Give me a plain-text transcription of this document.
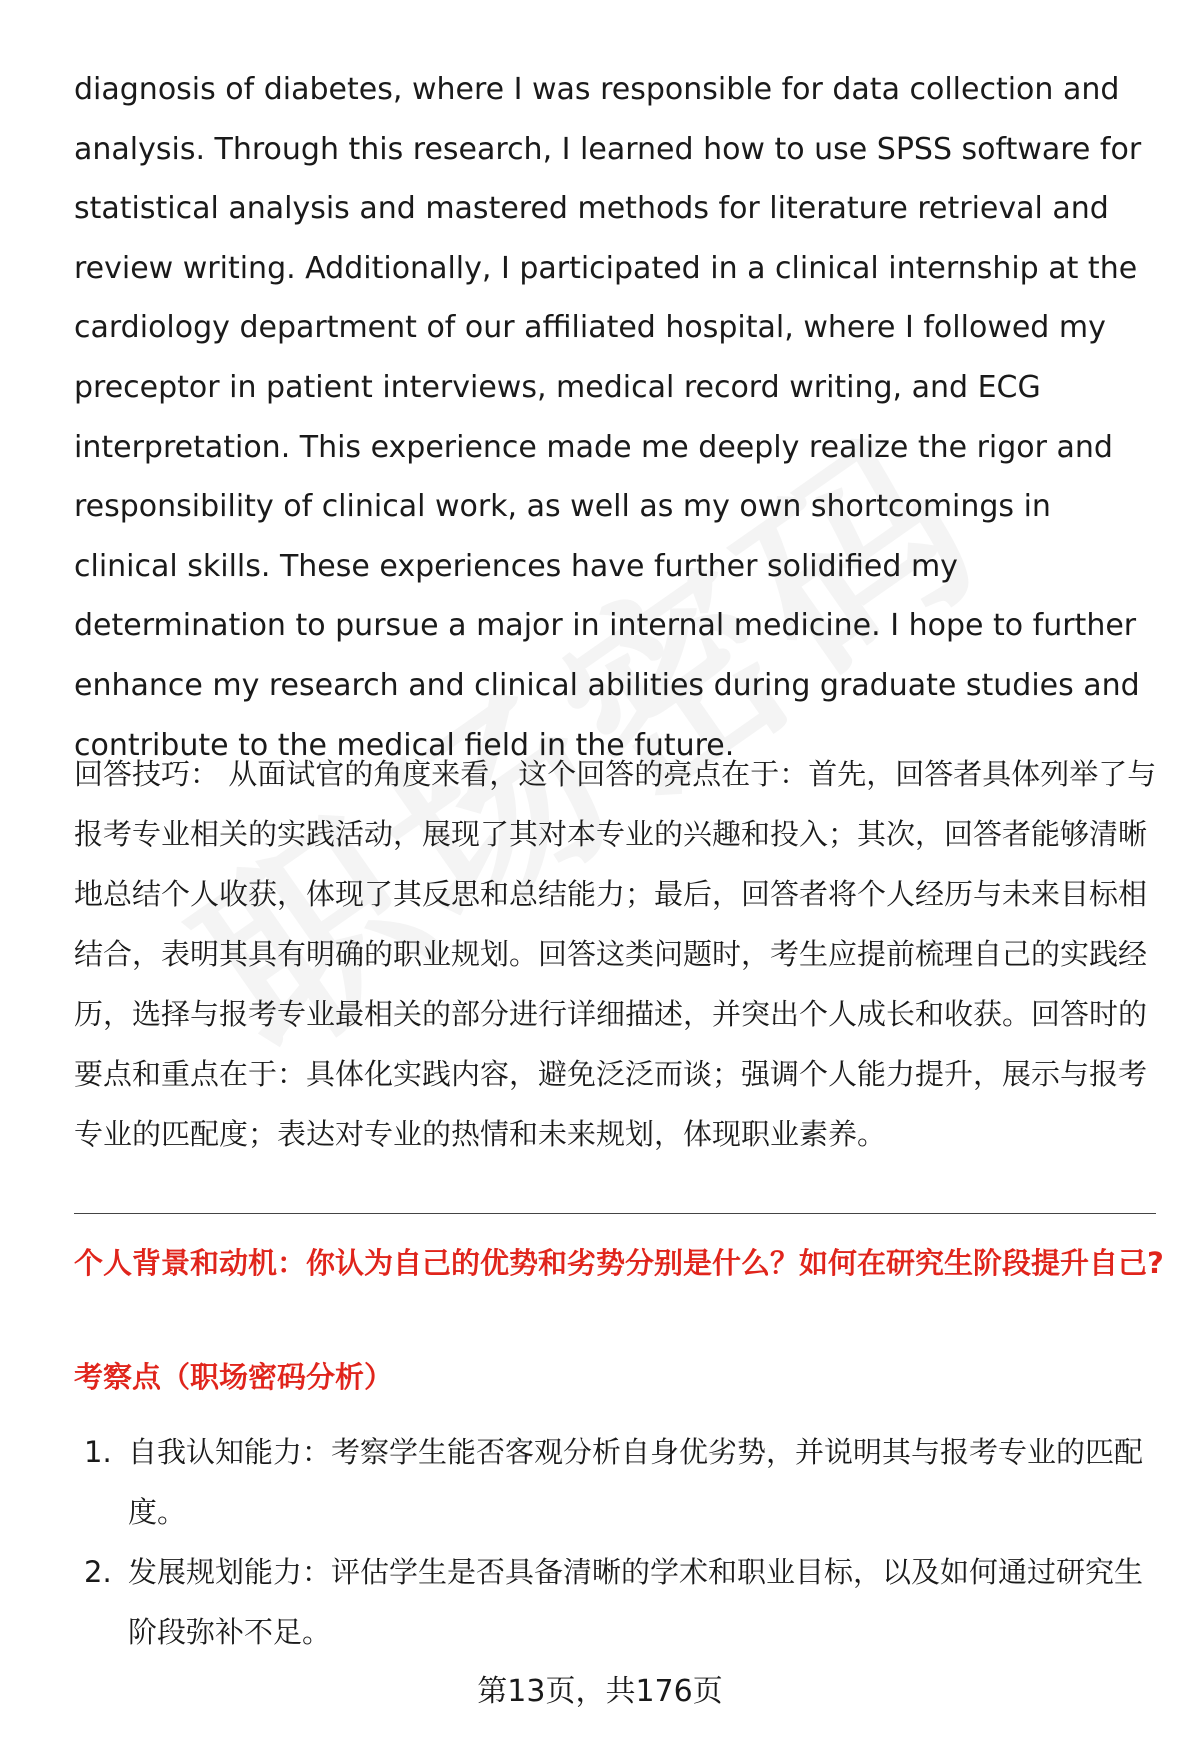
diagnosis of diabetes, where I was responsible for data collection and analysis. Through this research, I learned how to use SPSS software for statistical analysis and mastered methods for literature retrieval and review writing. Additionally, I participated in a clinical internship at the cardiology department of our affiliated hospital, where I followed my preceptor in patient interviews, medical record writing, and ECG interpretation. This experience made me deeply realize the rigor and responsibility of clinical work, as well as my own shortcomings in clinical skills. These experiences have further solidified my determination to pursue a major in internal medicine. I hope to further enhance my research and clinical abilities during graduate studies and contribute to the medical field in the future.

回答技巧： 从面试官的角度来看，这个回答的亮点在于：首先，回答者具体列举了与报考专业相关的实践活动，展现了其对本专业的兴趣和投入；其次，回答者能够清晰地总结个人收获，体现了其反思和总结能力；最后，回答者将个人经历与未来目标相结合，表明其具有明确的职业规划。回答这类问题时，考生应提前梳理自己的实践经历，选择与报考专业最相关的部分进行详细描述，并突出个人成长和收获。回答时的要点和重点在于：具体化实践内容，避免泛泛而谈；强调个人能力提升，展示与报考专业的匹配度；表达对专业的热情和未来规划，体现职业素养。

个人背景和动机：你认为自己的优势和劣势分别是什么？如何在研究生阶段提升自己?

考察点（职场密码分析）

1. 自我认知能力：考察学生能否客观分析自身优劣势，并说明其与报考专业的匹配度。
2. 发展规划能力：评估学生是否具备清晰的学术和职业目标，以及如何通过研究生阶段弥补不足。
第13页，共176页
